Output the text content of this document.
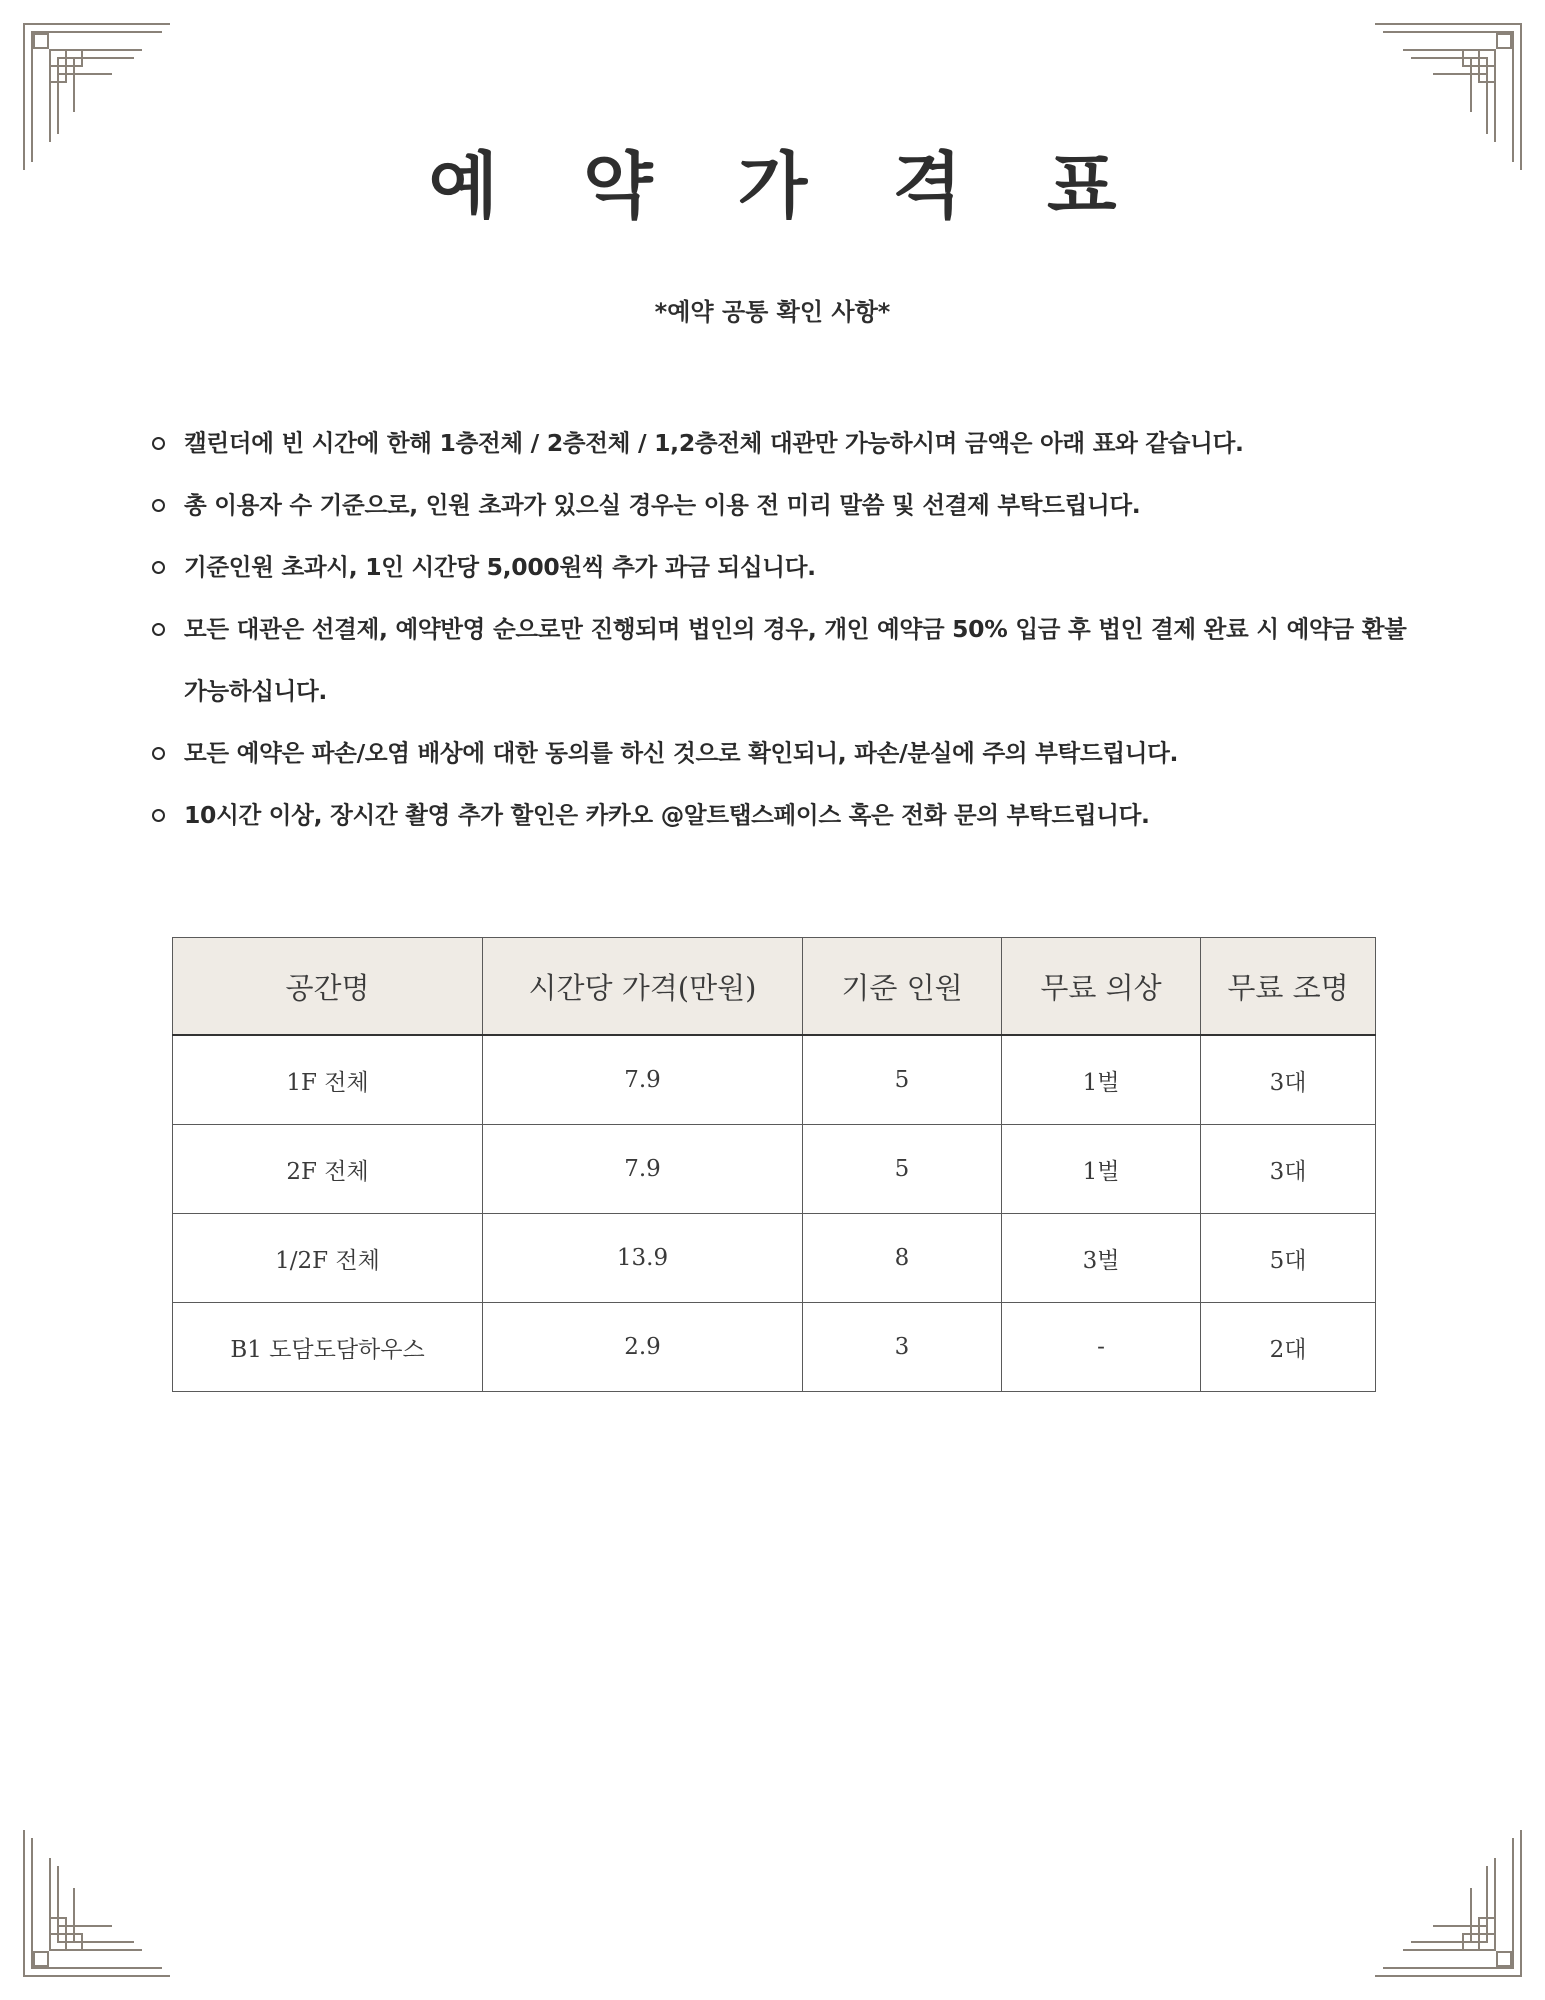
예 약 가 격 표
*예약 공통 확인 사항*
캘린더에 빈 시간에 한해 1층전체 / 2층전체 / 1,2층전체 대관만 가능하시며 금액은 아래 표와 같습니다.
총 이용자 수 기준으로, 인원 초과가 있으실 경우는 이용 전 미리 말씀 및 선결제 부탁드립니다.
기준인원 초과시, 1인 시간당 5,000원씩 추가 과금 되십니다.
모든 대관은 선결제, 예약반영 순으로만 진행되며 법인의 경우, 개인 예약금 50% 입금 후 법인 결제 완료 시 예약금 환불 가능하십니다.
모든 예약은 파손/오염 배상에 대한 동의를 하신 것으로 확인되니, 파손/분실에 주의 부탁드립니다.
10시간 이상, 장시간 촬영 추가 할인은 카카오 @알트탭스페이스 혹은 전화 문의 부탁드립니다.
공간명	시간당 가격(만원)	기준 인원	무료 의상	무료 조명
1F 전체	7.9	5	1벌	3대
2F 전체	7.9	5	1벌	3대
1/2F 전체	13.9	8	3벌	5대
B1 도담도담하우스	2.9	3	-	2대
